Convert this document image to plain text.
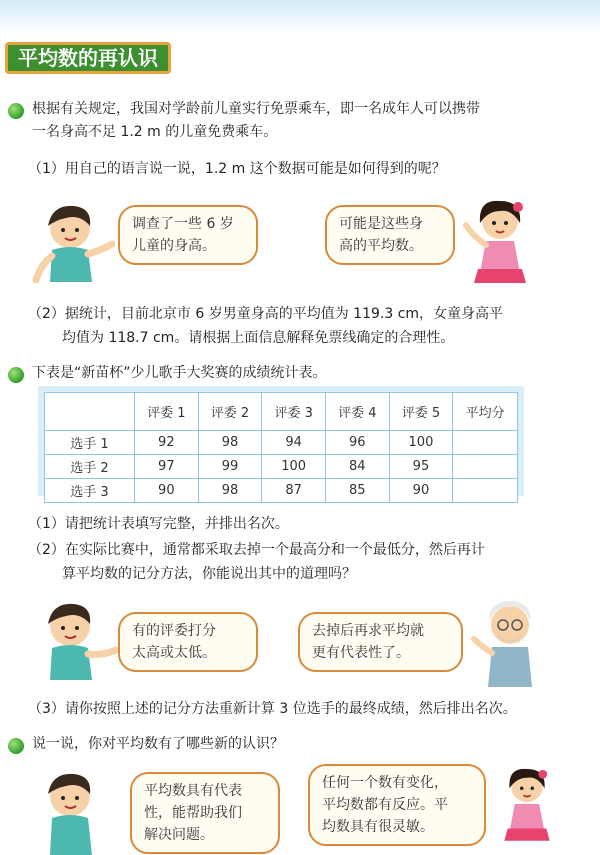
平均数的再认识
根据有关规定，我国对学龄前儿童实行免票乘车，即一名成年人可以携带
一名身高不足 1.2 m 的儿童免费乘车。
（1）用自己的语言说一说，1.2 m 这个数据可能是如何得到的呢？
调查了一些 6 岁
儿童的身高。
可能是这些身
高的平均数。
（2）据统计，目前北京市 6 岁男童身高的平均值为 119.3 cm，女童身高平
均值为 118.7 cm。请根据上面信息解释免票线确定的合理性。
下表是“新苗杯”少儿歌手大奖赛的成绩统计表。
	评委 1	评委 2	评委 3	评委 4	评委 5	平均分
选手 1	92	98	94	96	100	
选手 2	97	99	100	84	95	
选手 3	90	98	87	85	90	
（1）请把统计表填写完整，并排出名次。
（2）在实际比赛中，通常都采取去掉一个最高分和一个最低分，然后再计
算平均数的记分方法，你能说出其中的道理吗？
有的评委打分
太高或太低。
去掉后再求平均就
更有代表性了。
（3）请你按照上述的记分方法重新计算 3 位选手的最终成绩，然后排出名次。
说一说，你对平均数有了哪些新的认识？
平均数具有代表
性，能帮助我们
解决问题。
任何一个数有变化，
平均数都有反应。平
均数具有很灵敏。
